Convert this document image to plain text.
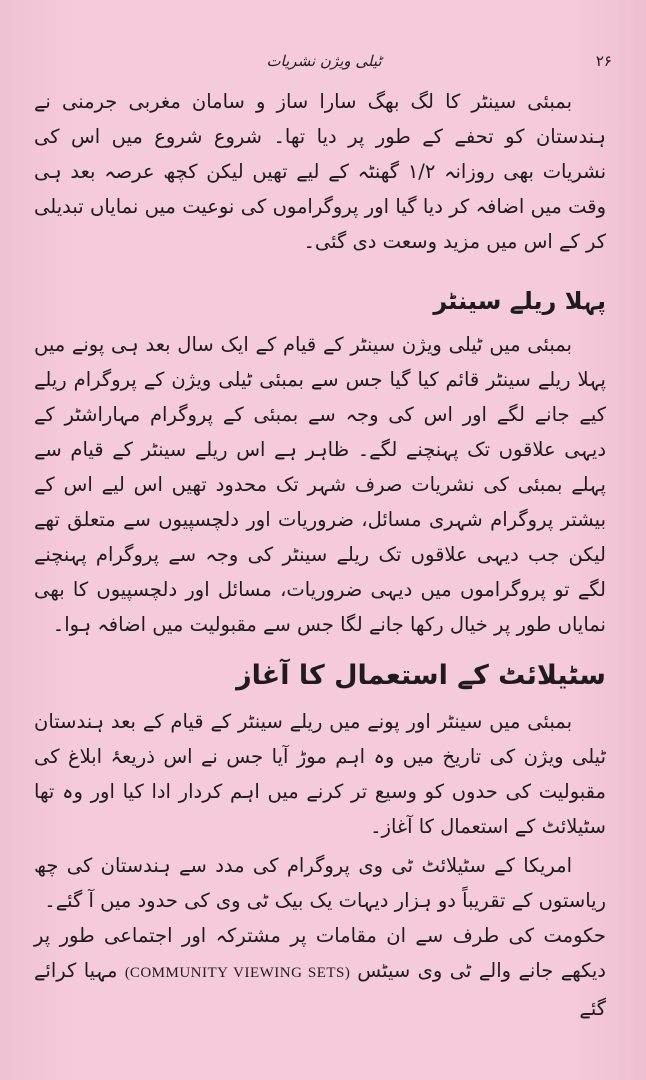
ٹیلی ویژن نشریات	۲۶

بمبئی سینٹر کا لگ بھگ سارا ساز و سامان مغربی جرمنی نے ہندستان کو تحفے کے طور پر دیا تھا۔ شروع شروع میں اس کی نشریات بھی روزانہ ۱/۲ گھنٹہ کے لیے تھیں لیکن کچھ عرصہ بعد ہی وقت میں اضافہ کر دیا گیا اور پروگراموں کی نوعیت میں نمایاں تبدیلی کر کے اس میں مزید وسعت دی گئی۔

پہلا ریلے سینٹر

بمبئی میں ٹیلی ویژن سینٹر کے قیام کے ایک سال بعد ہی پونے میں پہلا ریلے سینٹر قائم کیا گیا جس سے بمبئی ٹیلی ویژن کے پروگرام ریلے کیے جانے لگے اور اس کی وجہ سے بمبئی کے پروگرام مہاراشٹر کے دیہی علاقوں تک پہنچنے لگے۔ ظاہر ہے اس ریلے سینٹر کے قیام سے پہلے بمبئی کی نشریات صرف شہر تک محدود تھیں اس لیے اس کے بیشتر پروگرام شہری مسائل، ضروریات اور دلچسپیوں سے متعلق تھے لیکن جب دیہی علاقوں تک ریلے سینٹر کی وجہ سے پروگرام پہنچنے لگے تو پروگراموں میں دیہی ضروریات، مسائل اور دلچسپیوں کا بھی نمایاں طور پر خیال رکھا جانے لگا جس سے مقبولیت میں اضافہ ہوا۔

سٹیلائٹ کے استعمال کا آغاز

بمبئی میں سینٹر اور پونے میں ریلے سینٹر کے قیام کے بعد ہندستان ٹیلی ویژن کی تاریخ میں وہ اہم موڑ آیا جس نے اس ذریعۂ ابلاغ کی مقبولیت کی حدوں کو وسیع تر کرنے میں اہم کردار ادا کیا اور وہ تھا سٹیلائٹ کے استعمال کا آغاز۔

امریکا کے سٹیلائٹ ٹی وی پروگرام کی مدد سے ہندستان کی چھ ریاستوں کے تقریباً دو ہزار دیہات یک بیک ٹی وی کی حدود میں آ گئے۔

حکومت کی طرف سے ان مقامات پر مشترکہ اور اجتماعی طور پر دیکھے جانے والے ٹی وی سیٹس (COMMUNITY VIEWING SETS) مہیا کرائے گئے
